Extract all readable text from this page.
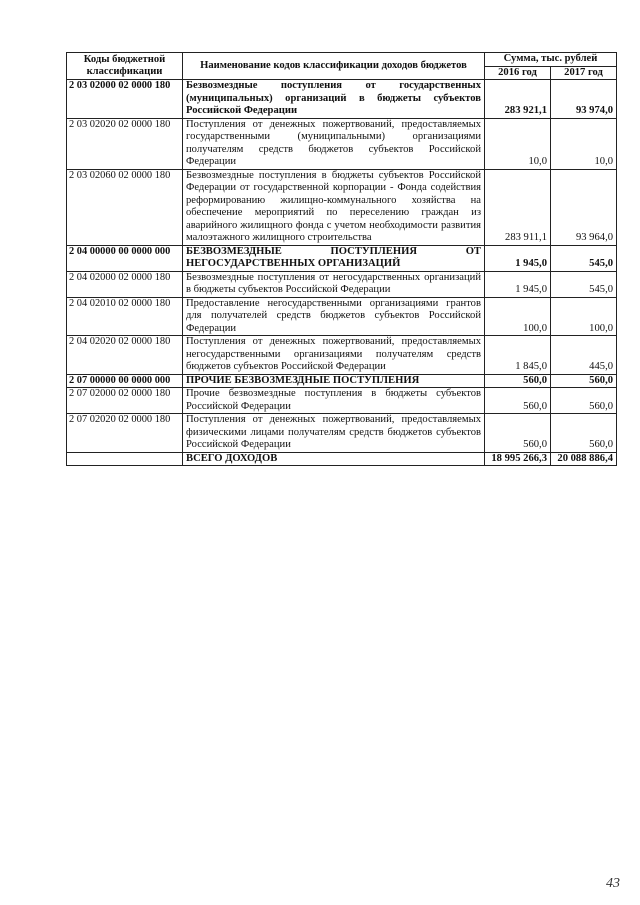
Коды бюджетной классификации	Наименование кодов классификации доходов бюджетов	Сумма, тыс. рублей	
		2016 год	2017 год
2 03 02000 02 0000 180	Безвозмездные поступления от государственных (муниципальных) организаций в бюджеты субъектов Российской Федерации	283 921,1	93 974,0
2 03 02020 02 0000 180	Поступления от денежных пожертвований, предоставляемых государственными (муниципальными) организациями получателям средств бюджетов субъектов Российской Федерации	10,0	10,0
2 03 02060 02 0000 180	Безвозмездные поступления в бюджеты субъектов Российской Федерации от государственной корпорации - Фонда содействия реформированию жилищно-коммунального хозяйства на обеспечение мероприятий по переселению граждан из аварийного жилищного фонда с учетом необходимости развития малоэтажного жилищного строительства	283 911,1	93 964,0
2 04 00000 00 0000 000	БЕЗВОЗМЕЗДНЫЕ ПОСТУПЛЕНИЯ ОТ НЕГОСУДАРСТВЕННЫХ ОРГАНИЗАЦИЙ	1 945,0	545,0
2 04 02000 02 0000 180	Безвозмездные поступления от негосударственных организаций в бюджеты субъектов Российской Федерации	1 945,0	545,0
2 04 02010 02 0000 180	Предоставление негосударственными организациями грантов для получателей средств бюджетов субъектов Российской Федерации	100,0	100,0
2 04 02020 02 0000 180	Поступления от денежных пожертвований, предоставляемых негосударственными организациями получателям средств бюджетов субъектов Российской Федерации	1 845,0	445,0
2 07 00000 00 0000 000	ПРОЧИЕ БЕЗВОЗМЕЗДНЫЕ ПОСТУПЛЕНИЯ	560,0	560,0
2 07 02000 02 0000 180	Прочие безвозмездные поступления в бюджеты субъектов Российской Федерации	560,0	560,0
2 07 02020 02 0000 180	Поступления от денежных пожертвований, предоставляемых физическими лицами получателям средств бюджетов субъектов Российской Федерации	560,0	560,0
	ВСЕГО ДОХОДОВ	18 995 266,3	20 088 886,4
43
